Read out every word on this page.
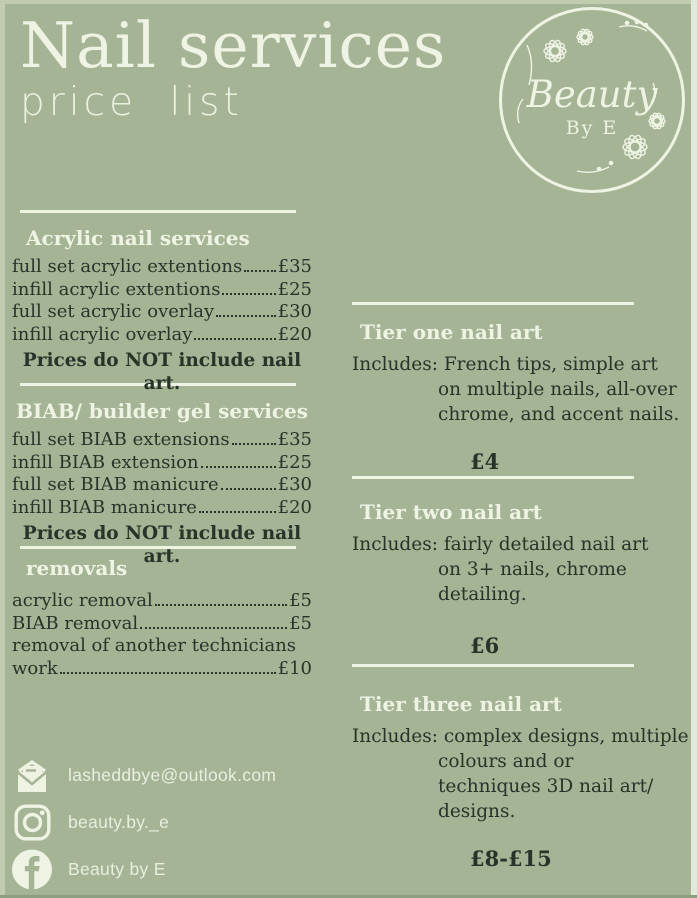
Nail services
price list	Beauty
By E
Acrylic nail services
full set acrylic extentions £35
infill acrylic extentions	£25
full set acrylic overlay	£30
infill acrylic overlay	£20
Prices do NOT include nail art.
BIAB/ builder gel services
full set BIAB extensions	£35
infill BIAB extension	£25
full set BIAB manicure	£30
infill BIAB manicure	£20
Prices do NOT include nail art.
removals
acrylic removal	£5
BIAB removal	£5
removal of another technicians
work	£10
Tier one nail art
Includes: French tips, simple art
on multiple nails, all-over
chrome, and accent nails.
£4
Tier two nail art
Includes: fairly detailed nail art
on 3+ nails, chrome
detailing.
£6
Tier three nail art
Includes: complex designs, multiple
colours and or
techniques 3D nail art/
designs.
£8-£15
lasheddbye@outlook.com
beauty.by._e
Beauty by E
